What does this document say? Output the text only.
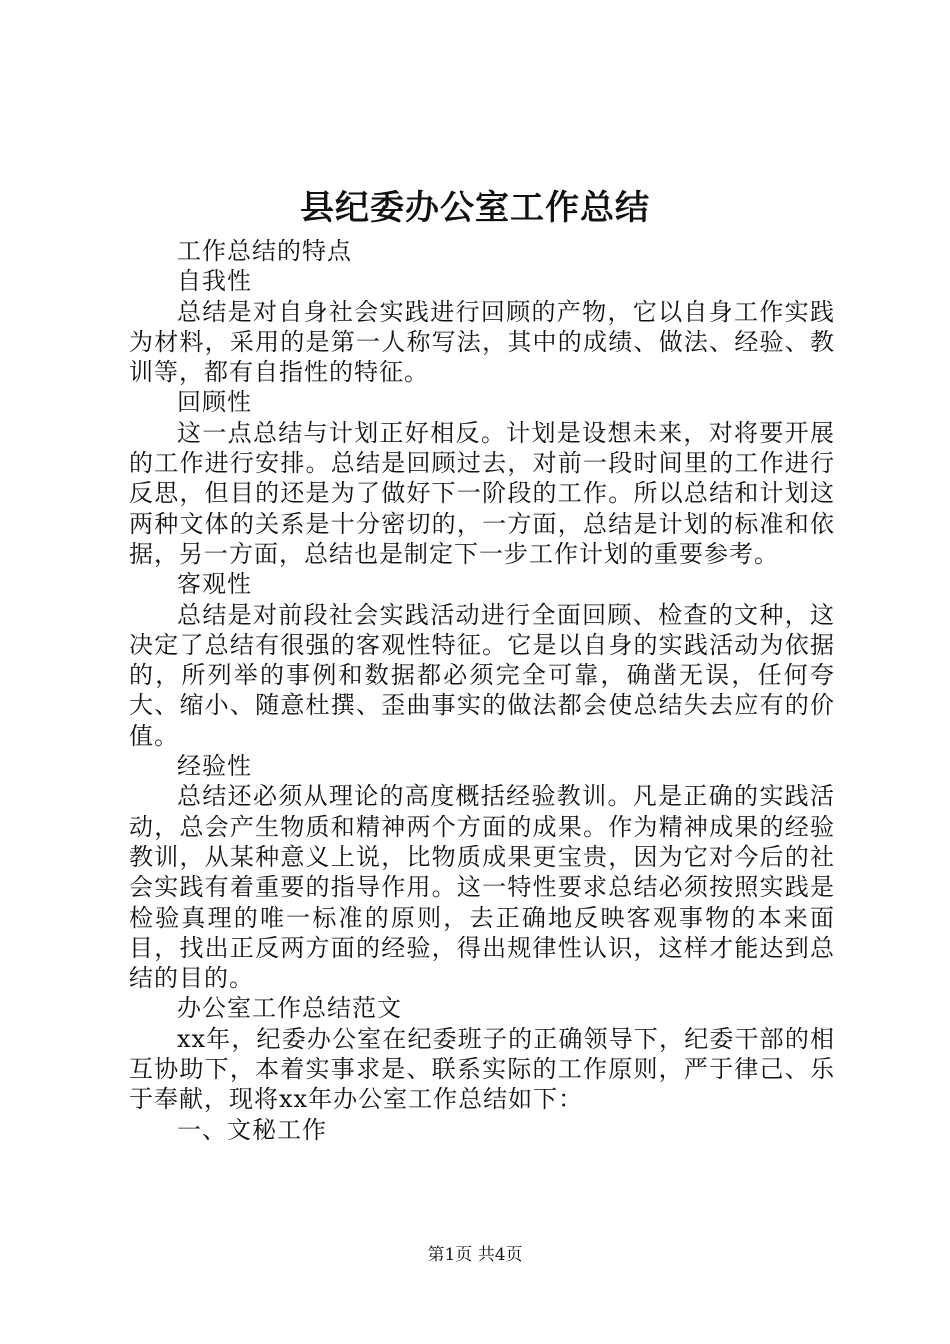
县纪委办公室工作总结

工作总结的特点

自我性

总结是对自身社会实践进行回顾的产物，它以自身工作实践为材料，采用的是第一人称写法，其中的成绩、做法、经验、教训等，都有自指性的特征。

回顾性

这一点总结与计划正好相反。计划是设想未来，对将要开展的工作进行安排。总结是回顾过去，对前一段时间里的工作进行反思，但目的还是为了做好下一阶段的工作。所以总结和计划这两种文体的关系是十分密切的，一方面，总结是计划的标准和依据，另一方面，总结也是制定下一步工作计划的重要参考。

客观性

总结是对前段社会实践活动进行全面回顾、检查的文种，这决定了总结有很强的客观性特征。它是以自身的实践活动为依据的，所列举的事例和数据都必须完全可靠，确凿无误，任何夸大、缩小、随意杜撰、歪曲事实的做法都会使总结失去应有的价值。

经验性

总结还必须从理论的高度概括经验教训。凡是正确的实践活动，总会产生物质和精神两个方面的成果。作为精神成果的经验教训，从某种意义上说，比物质成果更宝贵，因为它对今后的社会实践有着重要的指导作用。这一特性要求总结必须按照实践是检验真理的唯一标准的原则，去正确地反映客观事物的本来面目，找出正反两方面的经验，得出规律性认识，这样才能达到总结的目的。

办公室工作总结范文

xx年，纪委办公室在纪委班子的正确领导下，纪委干部的相互协助下，本着实事求是、联系实际的工作原则，严于律己、乐于奉献，现将xx年办公室工作总结如下：

一、文秘工作

第1页 共4页
